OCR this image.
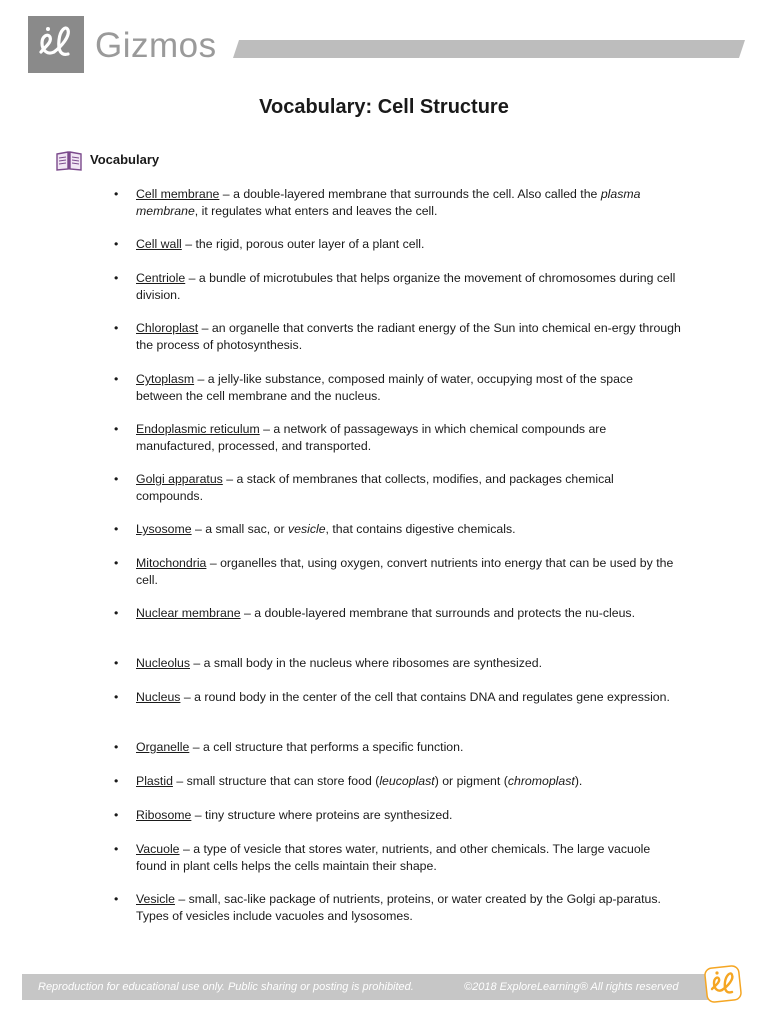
Gizmos
Vocabulary: Cell Structure
Vocabulary
• Cell membrane – a double-layered membrane that surrounds the cell. Also called the plasma membrane, it regulates what enters and leaves the cell.
• Cell wall – the rigid, porous outer layer of a plant cell.
• Centriole – a bundle of microtubules that helps organize the movement of chromosomes during cell division.
• Chloroplast – an organelle that converts the radiant energy of the Sun into chemical en-ergy through the process of photosynthesis.
• Cytoplasm – a jelly-like substance, composed mainly of water, occupying most of the space between the cell membrane and the nucleus.
• Endoplasmic reticulum – a network of passageways in which chemical compounds are manufactured, processed, and transported.
• Golgi apparatus – a stack of membranes that collects, modifies, and packages chemical compounds.
• Lysosome – a small sac, or vesicle, that contains digestive chemicals.
• Mitochondria – organelles that, using oxygen, convert nutrients into energy that can be used by the cell.
• Nuclear membrane – a double-layered membrane that surrounds and protects the nu-cleus.
• Nucleolus – a small body in the nucleus where ribosomes are synthesized.
• Nucleus – a round body in the center of the cell that contains DNA and regulates gene expression.
• Organelle – a cell structure that performs a specific function.
• Plastid – small structure that can store food (leucoplast) or pigment (chromoplast).
• Ribosome – tiny structure where proteins are synthesized.
• Vacuole – a type of vesicle that stores water, nutrients, and other chemicals. The large vacuole found in plant cells helps the cells maintain their shape.
• Vesicle – small, sac-like package of nutrients, proteins, or water created by the Golgi ap-paratus. Types of vesicles include vacuoles and lysosomes.
Reproduction for educational use only. Public sharing or posting is prohibited.	©2018 ExploreLearning® All rights reserved
